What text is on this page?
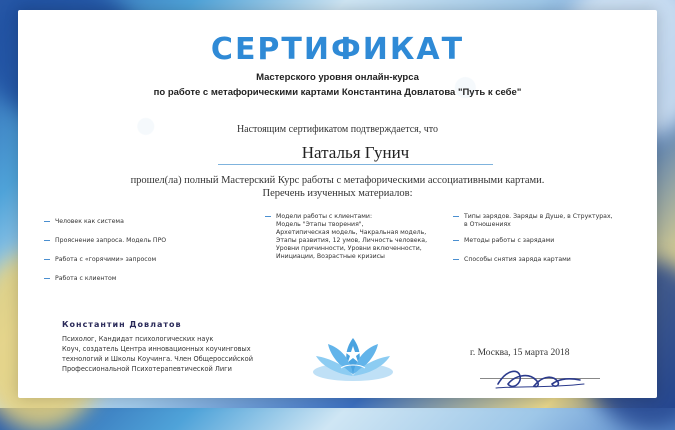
СЕРТИФИКАТ
Мастерского уровня онлайн-курса
по работе с метафорическими картами Константина Довлатова "Путь к себе"
Настоящим сертификатом подтверждается, что
Наталья Гунич
прошел(ла) полный Мастерский Курс работы с метафорическими ассоциативными картами.
Перечень изученных материалов:
Человек как система
Прояснение запроса. Модель ПРО
Работа с «горячими» запросом
Работа с клиентом
Модели работы с клиентами:
Модель "Этапы творения",
Архетипическая модель, Чакральная модель,
Этапы развития, 12 умов, Личность человека,
Уровни причинности, Уровни включенности,
Инициации, Возрастные кризисы
Типы зарядов. Заряды в Душе, в Структурах,
в Отношениях
Методы работы с зарядами
Способы снятия заряда картами
Константин Довлатов
Психолог, Кандидат психологических наук
Коуч, создатель Центра инновационных коучинговых
технологий и Школы Коучинга. Член Общероссийской
Профессиональной Психотерапевтической Лиги
г. Москва, 15 марта 2018
